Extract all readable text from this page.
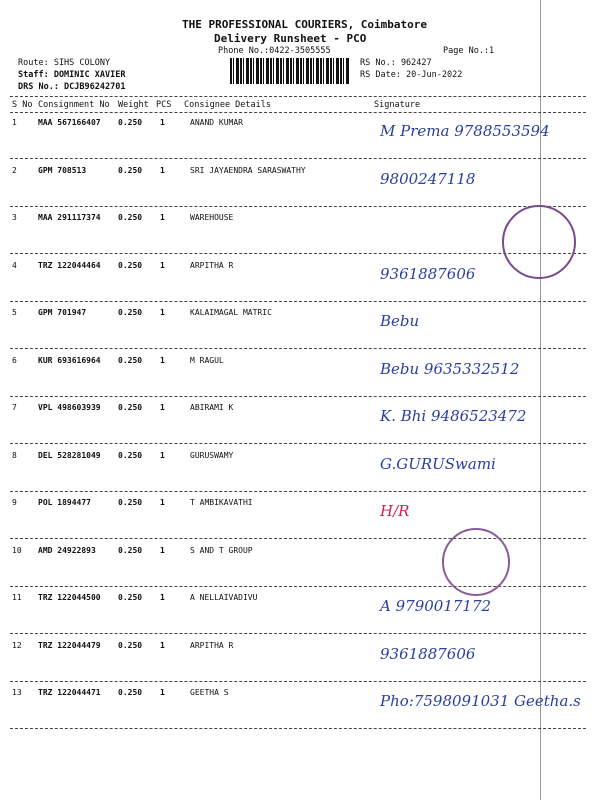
THE PROFESSIONAL COURIERS, Coimbatore
Delivery Runsheet - PCO
Phone No.:0422-3505555	Page No.:1
Route: SIHS COLONY
Staff: DOMINIC XAVIER
DRS No.: DCJB96242701
RS No.: 962427
RS Date: 20-Jun-2022
S No Consignment No Weight PCS Consignee Details	Signature
1	MAA 567166407 0.250 1	ANAND KUMAR	M Prema 9788553594
2	GPM 708513	0.250 1	SRI JAYAENDRA SARASWATHY	9800247118
3	MAA 291117374 0.250 1	WAREHOUSE
4	TRZ 122044464 0.250 1	ARPITHA R	9361887606
5	GPM 701947	0.250 1	KALAIMAGAL MATRIC	Bebu
6	KUR 693616964 0.250 1	M RAGUL	Bebu 9635332512
7	VPL 498603939 0.250 1	ABIRAMI K	K. Bhi 9486523472
8	DEL 528281049 0.250 1	GURUSWAMY	G.GURUSwami
9	POL 1894477	0.250 1	T AMBIKAVATHI	H/R
10 AMD 24922893	0.250 1	S AND T GROUP
11 TRZ 122044500 0.250 1	A NELLAIVADIVU	A 9790017172
12 TRZ 122044479 0.250 1	ARPITHA R	9361887606
13 TRZ 122044471 0.250 1	GEETHA S	Pho:7598091031 Geetha.s
